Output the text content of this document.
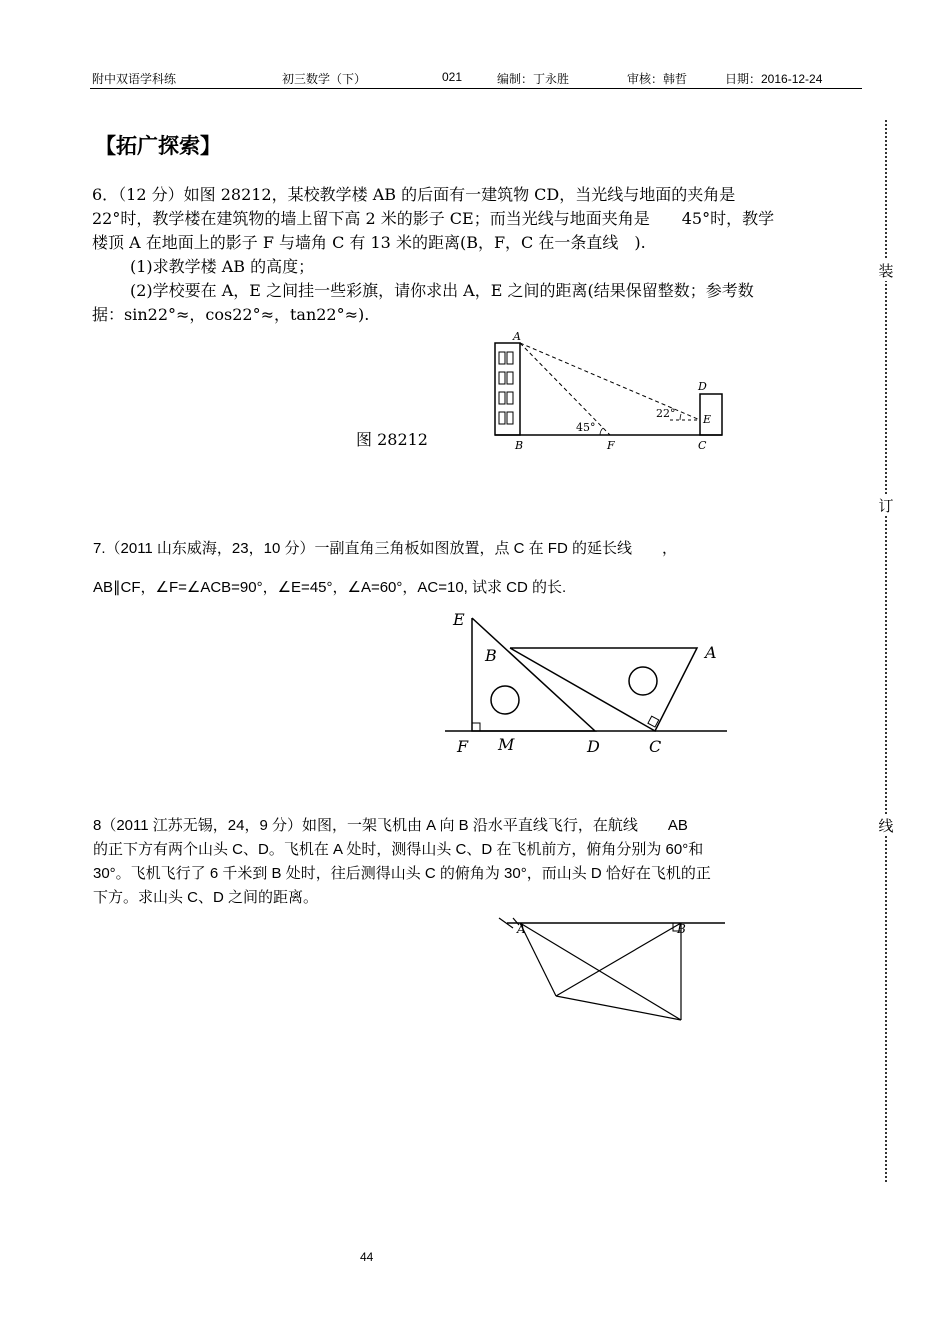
附中双语学科练	初三数学（下）	021	编制：丁永胜	审核：韩哲	日期：2016-12-24
【拓广探索】
6．（12 分）如图 28212，某校教学楼 AB 的后面有一建筑物 CD，当光线与地面的夹角是
22°时，教学楼在建筑物的墙上留下高 2 米的影子 CE；而当光线与地面夹角是　　45°时，教学
楼顶 A 在地面上的影子 F 与墙角 C 有 13 米的距离(B，F，C 在一条直线　).
(1)求教学楼 AB 的高度；
(2)学校要在 A，E 之间挂一些彩旗，请你求出 A，E 之间的距离(结果保留整数；参考数
据：sin22°≈，cos22°≈，tan22°≈).
图 28212
A
B	F	C
D
E
45°
22°
7.（2011 山东威海，23，10 分）一副直角三角板如图放置，点 C 在 FD 的延长线　　，
AB∥CF，∠F=∠ACB=90°，∠E=45°，∠A=60°，AC=10, 试求 CD 的长.
E
B	A
F M	D	C
8（2011 江苏无锡，24，9 分）如图，一架飞机由 A 向 B 沿水平直线飞行，在航线　　AB
的正下方有两个山头 C、D。飞机在 A 处时，测得山头 C、D 在飞机前方，俯角分别为 60°和
30°。飞机飞行了 6 千米到 B 处时，往后测得山头 C 的俯角为 30°，而山头 D 恰好在飞机的正
下方。求山头 C、D 之间的距离。
A	B
装
订
线
44
